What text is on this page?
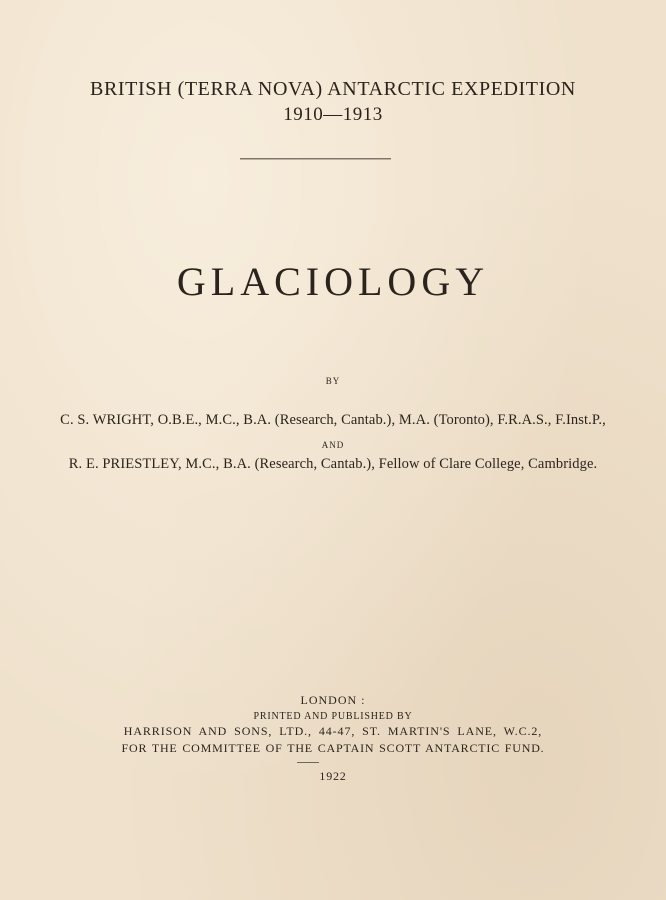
BRITISH (TERRA NOVA) ANTARCTIC EXPEDITION
1910—1913
GLACIOLOGY
BY
C. S. WRIGHT, O.B.E., M.C., B.A. (Research, Cantab.), M.A. (Toronto), F.R.A.S., F.Inst.P.,
AND
R. E. PRIESTLEY, M.C., B.A. (Research, Cantab.), Fellow of Clare College, Cambridge.
LONDON :
PRINTED AND PUBLISHED BY
HARRISON AND SONS, LTD., 44-47, ST. MARTIN'S LANE, W.C.2,
FOR THE COMMITTEE OF THE CAPTAIN SCOTT ANTARCTIC FUND.
1922
